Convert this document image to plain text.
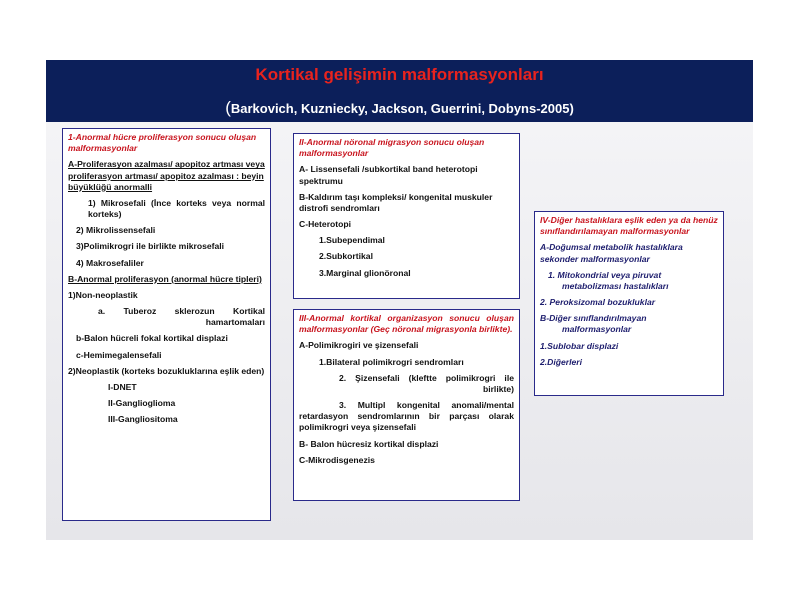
Kortikal gelişimin malformasyonları
(Barkovich, Kuzniecky, Jackson, Guerrini, Dobyns-2005)

1-Anormal hücre proliferasyon sonucu oluşan malformasyonlar

A-Proliferasyon azalması/ apopitoz artması veya proliferasyon artması/ apopitoz azalması : beyin büyüklüğü anormalli

1) Mikrosefali (İnce korteks veya normal korteks)

2) Mikrolissensefali

3)Polimikrogri ile birlikte mikrosefali

4) Makrosefaliler

B-Anormal proliferasyon (anormal hücre tipleri)

1)Non-neoplastik

a. Tuberoz sklerozun Kortikal hamartomaları

b-Balon hücreli fokal kortikal displazi

c-Hemimegalensefali

2)Neoplastik (korteks bozukluklarına eşlik eden)

I-DNET

II-Ganglioglioma

III-Gangliositoma

II-Anormal nöronal migrasyon sonucu oluşan malformasyonlar

A- Lissensefali /subkortikal band heterotopi spektrumu

B-Kaldırım taşı kompleksi/ kongenital muskuler distrofi sendromları

C-Heterotopi

1.Subependimal

2.Subkortikal

3.Marginal glionöronal

III-Anormal kortikal organizasyon sonucu oluşan malformasyonlar (Geç nöronal migrasyonla birlikte).

A-Polimikrogiri ve şizensefali

1.Bilateral polimikrogri sendromları

2. Şizensefali (kleftte polimikrogri ile birlikte)

3. Multipl kongenital anomali/mental retardasyon sendromlarının bir parçası olarak polimikrogri veya şizensefali

B- Balon hücresiz kortikal displazi

C-Mikrodisgenezis

IV-Diğer hastalıklara eşlik eden ya da henüz sınıflandırılamayan malformasyonlar

A-Doğumsal metabolik hastalıklara sekonder malformasyonlar

1. Mitokondrial veya piruvat metabolizması hastalıkları

2. Peroksizomal bozukluklar

B-Diğer sınıflandırılmayan malformasyonlar

1.Sublobar displazi

2.Diğerleri
